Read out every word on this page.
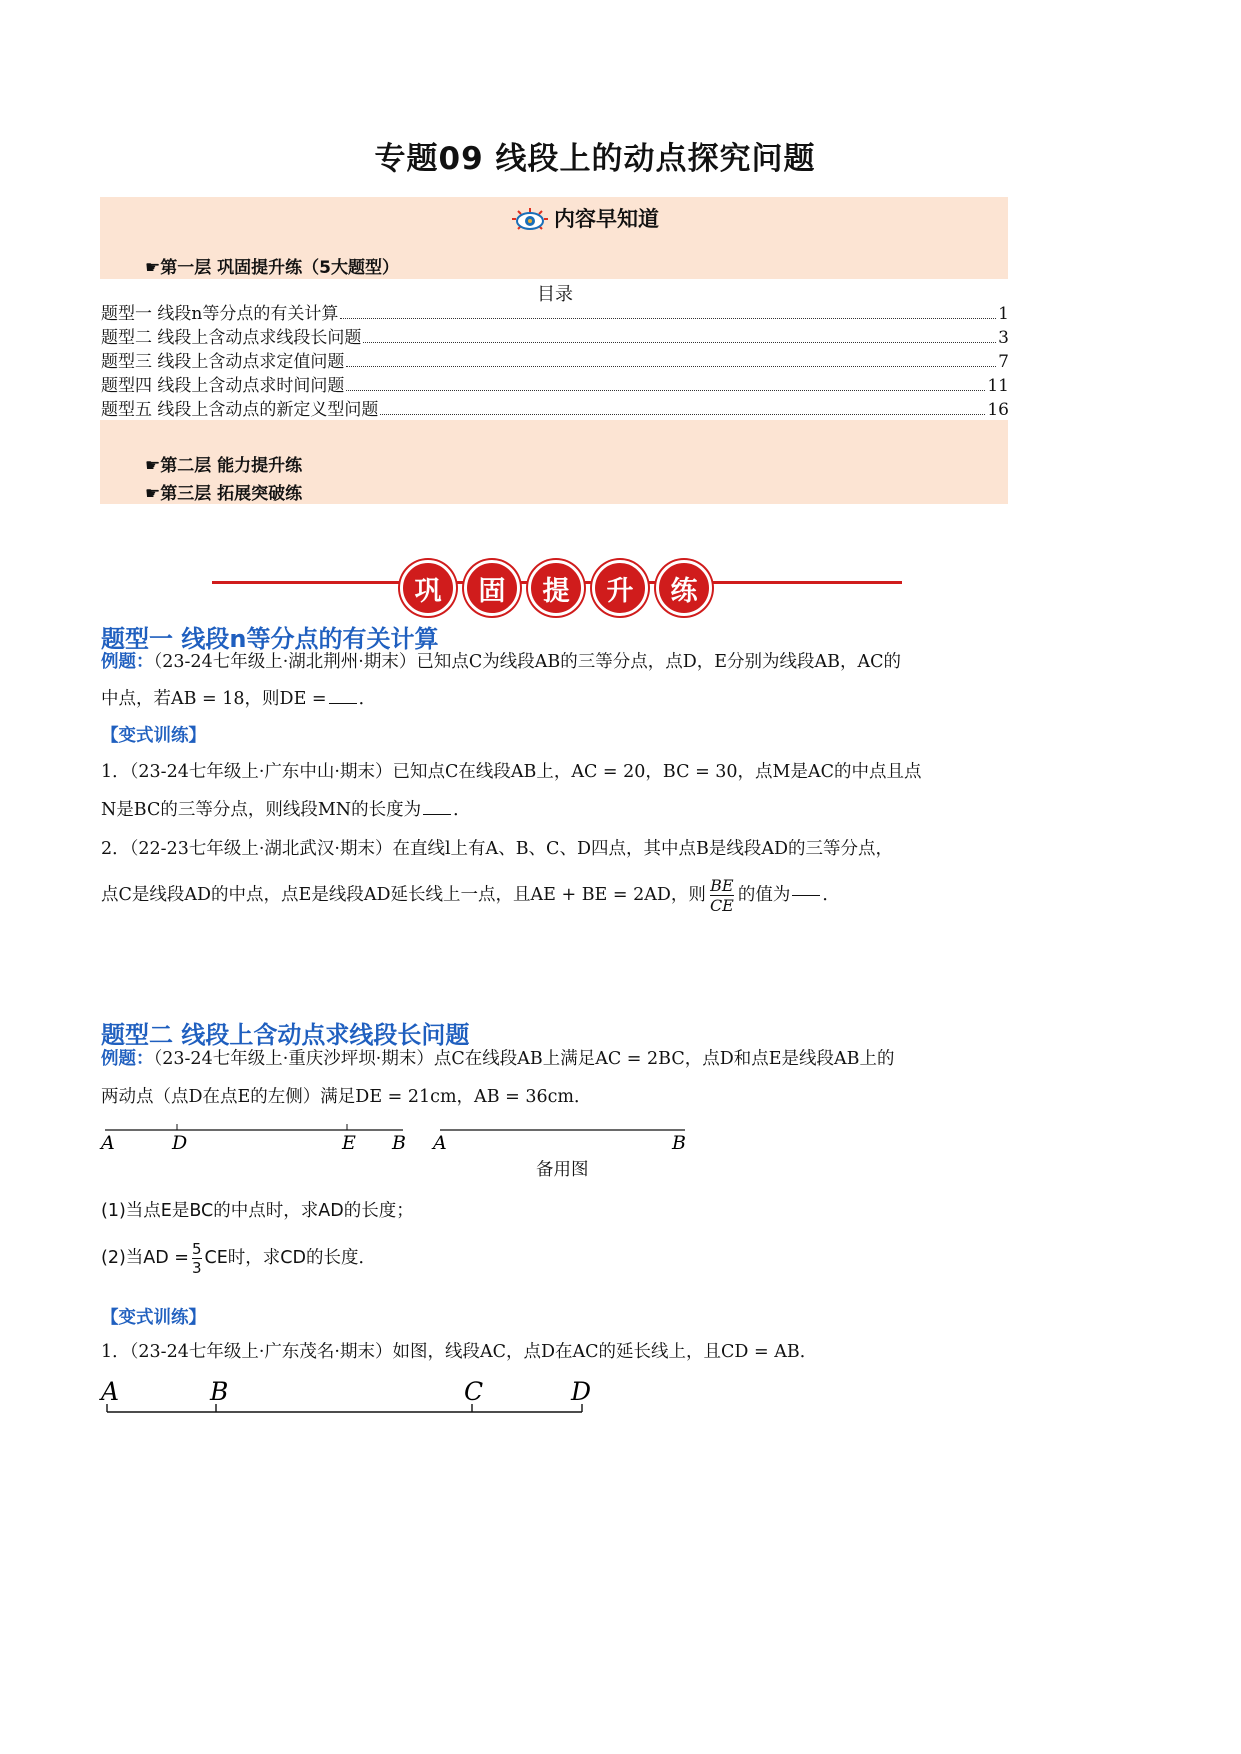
专题09 线段上的动点探究问题
内容早知道
☛第一层 巩固提升练（5大题型）
目录
题型一 线段n等分点的有关计算	1
题型二 线段上含动点求线段长问题	3
题型三 线段上含动点求定值问题	7
题型四 线段上含动点求时间问题	11
题型五 线段上含动点的新定义型问题	16
☛第二层 能力提升练
☛第三层 拓展突破练
巩	固	提	升	练
题型一 线段n等分点的有关计算
例题：（23-24七年级上·湖北荆州·期末）已知点C为线段AB的三等分点，点D，E分别为线段AB，AC的
中点，若AB = 18，则DE = ．
【变式训练】
1．（23-24七年级上·广东中山·期末）已知点C在线段AB上，AC = 20，BC = 30，点M是AC的中点且点
N是BC的三等分点，则线段MN的长度为 ．
2．（22-23七年级上·湖北武汉·期末）在直线l上有A、B、C、D四点，其中点B是线段AD的三等分点，
点C是线段AD的中点，点E是线段AD延长线上一点，且AE + BE = 2AD，则 $\frac{BE}{CE}$ 的值为 ．
题型二 线段上含动点求线段长问题
例题：（23-24七年级上·重庆沙坪坝·期末）点C在线段AB上满足AC = 2BC，点D和点E是线段AB上的
两动点（点D在点E的左侧）满足DE = 21cm，AB = 36cm．
A	D	E B A	B
备用图
(1)当点E是BC的中点时，求AD的长度；
(2)当AD = $\frac{5}{3}$ CE时，求CD的长度．
【变式训练】
1．（23-24七年级上·广东茂名·期末）如图，线段AC，点D在AC的延长线上，且CD = AB．
A	B	C	D
